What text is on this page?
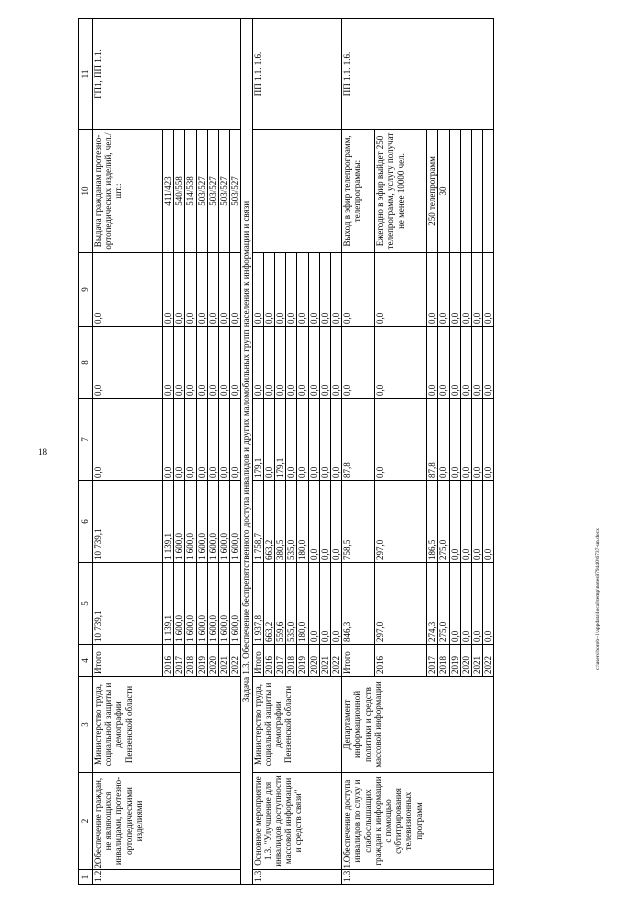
18
c:\users\borob~1\appdata\local\temp\notes879440\6737-un.docx
1	2	3	4	5	6	7	8	9	10	11
1.2.2.	Обеспечение граждан, не являющихся инвалидами, протезно-ортопедическими изделиями	Министерство труда, социальной защиты и демографии Пензенской области	Итого	10 739,1	10 739,1	0,0	0,0	0,0	Выдача гражданам протезно-ортопедических изделий, чел./шт.:	ГП1, ПП 1.1.
			2016	1 139,1	1 139,1	0,0	0,0	0,0	411/423	
			2017	1 600,0	1 600,0	0,0	0,0	0,0	540/558	
			2018	1 600,0	1 600,0	0,0	0,0	0,0	514/538	
			2019	1 600,0	1 600,0	0,0	0,0	0,0	503/527	
			2020	1 600,0	1 600,0	0,0	0,0	0,0	503/527	
			2021	1 600,0	1 600,0	0,0	0,0	0,0	503/527	
			2022	1 600,0	1 600,0	0,0	0,0	0,0	503/527	
Задача 1.3. Обеспечение беспрепятственного доступа инвалидов и других маломобильных групп населения к информации и связи										
1.3.	Основное мероприятие 1.3. "Улучшение для инвалидов доступности массовой информации и средств связи"	Министерство труда, социальной защиты и демографии Пензенской области	Итого	1 937,8	1 758,7	179,1	0,0	0,0		ПП 1.1. 1.6.
			2016	663,2	663,2	0,0	0,0	0,0		
			2017	559,6	380,5	179,1	0,0	0,0		
			2018	535,0	535,0	0,0	0,0	0,0		
			2019	180,0	180,0	0,0	0,0	0,0		
			2020	0,0	0,0	0,0	0,0	0,0		
			2021	0,0	0,0	0,0	0,0	0,0		
			2022	0,0	0,0	0,0	0,0	0,0		
1.3.1.	Обеспечение доступа инвалидов по слуху и слабослышащих граждан к информации с помощью субтитрирования телевизионных программ	Департамент информационной политики и средств массовой информации	Итого	846,3	758,5	87,8	0,0	0,0	Выход в эфир телепрограмм, телепрограммы:	ПП 1.1. 1.6.
			2016	297,0	297,0	0,0	0,0	0,0	Ежегодно в эфир выйдет 250 телепрограмм, услугу получат не менее 10000 чел.	
			2017	274,3	186,5	87,8	0,0	0,0	250 телепрограмм	
			2018	275,0	275,0	0,0	0,0	0,0	30	
			2019	0,0	0,0	0,0	0,0	0,0		
			2020	0,0	0,0	0,0	0,0	0,0		
			2021	0,0	0,0	0,0	0,0	0,0		
			2022	0,0	0,0	0,0	0,0	0,0		
